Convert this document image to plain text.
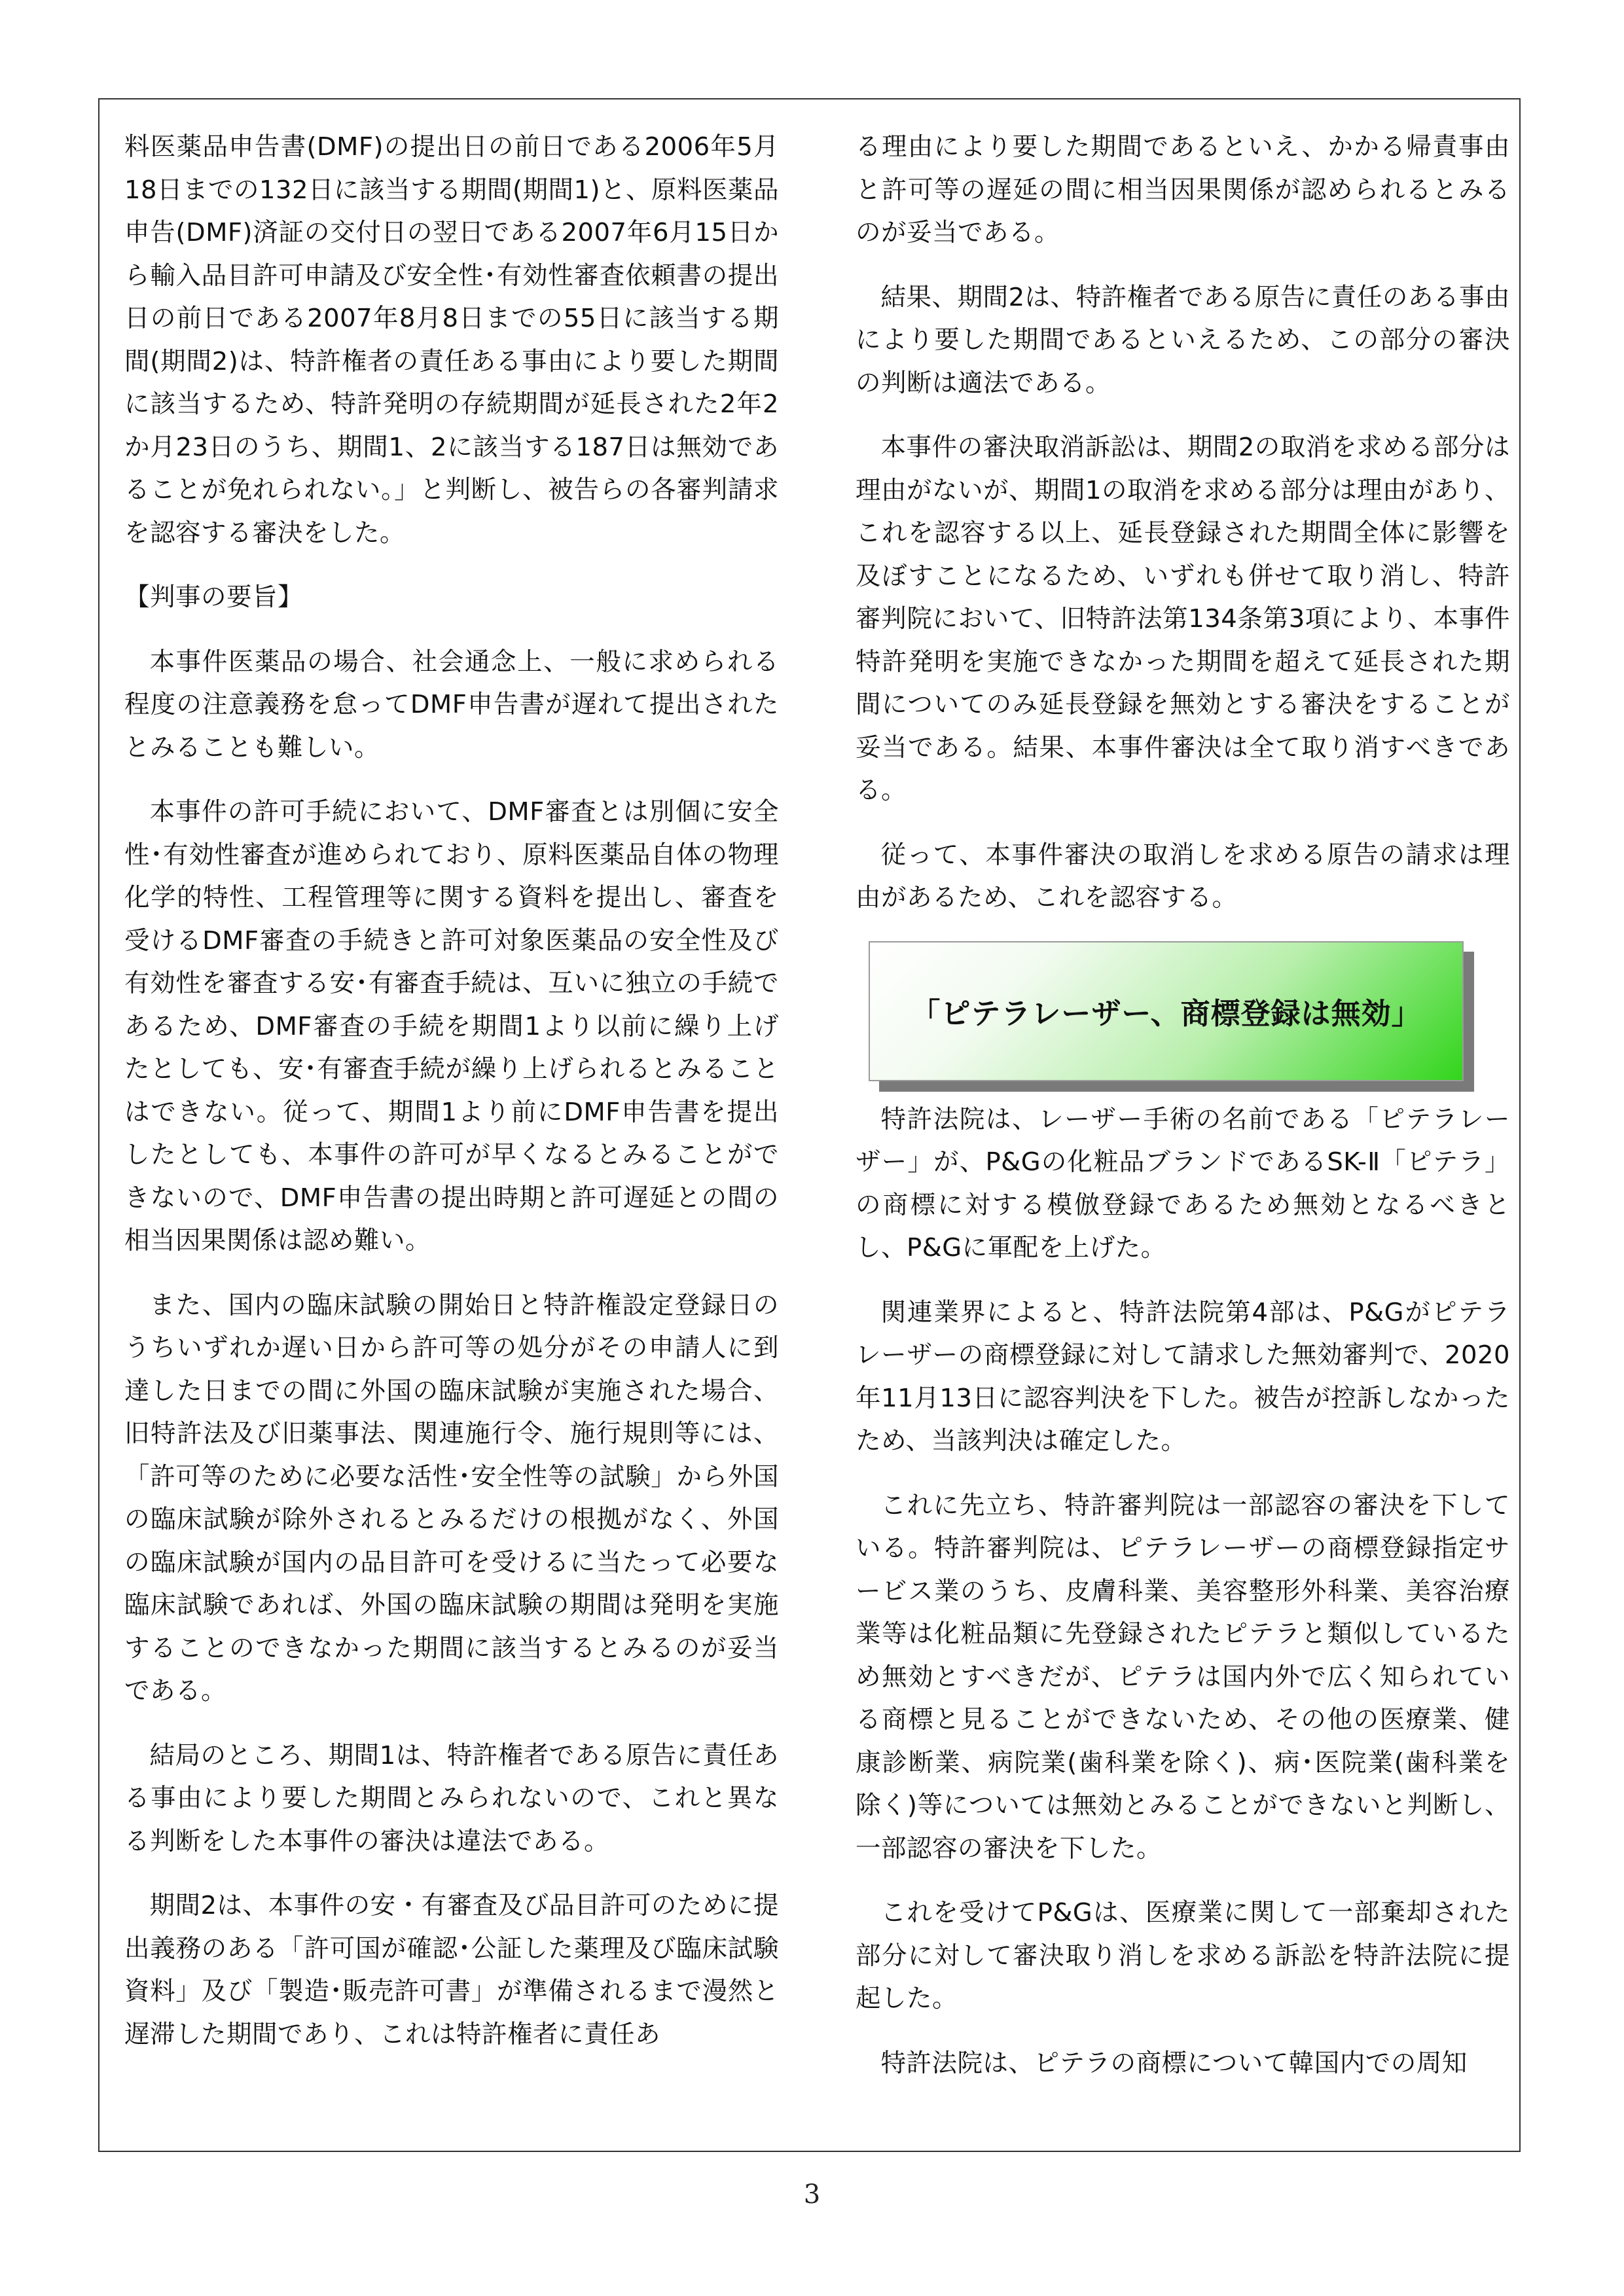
料医薬品申告書(DMF)の提出日の前日である2006年5月18日までの132日に該当する期間(期間1)と、原料医薬品申告(DMF)済証の交付日の翌日である2007年6月15日から輸入品目許可申請及び安全性･有効性審査依頼書の提出日の前日である2007年8月8日までの55日に該当する期間(期間2)は、特許権者の責任ある事由により要した期間に該当するため、特許発明の存続期間が延長された2年2か月23日のうち、期間1、2に該当する187日は無効であることが免れられない。」と判断し、被告らの各審判請求を認容する審決をした。

【判事の要旨】

本事件医薬品の場合、社会通念上、一般に求められる程度の注意義務を怠ってDMF申告書が遅れて提出されたとみることも難しい。

本事件の許可手続において、DMF審査とは別個に安全性･有効性審査が進められており、原料医薬品自体の物理化学的特性、工程管理等に関する資料を提出し、審査を受けるDMF審査の手続きと許可対象医薬品の安全性及び有効性を審査する安･有審査手続は、互いに独立の手続であるため、DMF審査の手続を期間1より以前に繰り上げたとしても、安･有審査手続が繰り上げられるとみることはできない。従って、期間1より前にDMF申告書を提出したとしても、本事件の許可が早くなるとみることができないので、DMF申告書の提出時期と許可遅延との間の相当因果関係は認め難い。

また、国内の臨床試験の開始日と特許権設定登録日のうちいずれか遅い日から許可等の処分がその申請人に到達した日までの間に外国の臨床試験が実施された場合、旧特許法及び旧薬事法、関連施行令、施行規則等には、「許可等のために必要な活性･安全性等の試験」から外国の臨床試験が除外されるとみるだけの根拠がなく、外国の臨床試験が国内の品目許可を受けるに当たって必要な臨床試験であれば、外国の臨床試験の期間は発明を実施することのできなかった期間に該当するとみるのが妥当である。

結局のところ、期間1は、特許権者である原告に責任ある事由により要した期間とみられないので、これと異なる判断をした本事件の審決は違法である。

期間2は、本事件の安・有審査及び品目許可のために提出義務のある「許可国が確認･公証した薬理及び臨床試験資料」及び「製造･販売許可書」が準備されるまで漫然と遅滞した期間であり、これは特許権者に責任あ

る理由により要した期間であるといえ、かかる帰責事由と許可等の遅延の間に相当因果関係が認められるとみるのが妥当である。

結果、期間2は、特許権者である原告に責任のある事由により要した期間であるといえるため、この部分の審決の判断は適法である。

本事件の審決取消訴訟は、期間2の取消を求める部分は理由がないが、期間1の取消を求める部分は理由があり、これを認容する以上、延長登録された期間全体に影響を及ぼすことになるため、いずれも併せて取り消し、特許審判院において、旧特許法第134条第3項により、本事件特許発明を実施できなかった期間を超えて延長された期間についてのみ延長登録を無効とする審決をすることが妥当である。結果、本事件審決は全て取り消すべきである。

従って、本事件審決の取消しを求める原告の請求は理由があるため、これを認容する。

「ピテラレーザー、商標登録は無効」

特許法院は、レーザー手術の名前である「ピテラレーザー」が、P&Gの化粧品ブランドであるSK-Ⅱ「ピテラ」の商標に対する模倣登録であるため無効となるべきとし、P&Gに軍配を上げた。

関連業界によると、特許法院第4部は、P&Gがピテラレーザーの商標登録に対して請求した無効審判で、2020年11月13日に認容判決を下した。被告が控訴しなかったため、当該判決は確定した。

これに先立ち、特許審判院は一部認容の審決を下している。特許審判院は、ピテラレーザーの商標登録指定サービス業のうち、皮膚科業、美容整形外科業、美容治療業等は化粧品類に先登録されたピテラと類似しているため無効とすべきだが、ピテラは国内外で広く知られている商標と見ることができないため、その他の医療業、健康診断業、病院業(歯科業を除く)、病･医院業(歯科業を除く)等については無効とみることができないと判断し、一部認容の審決を下した。

これを受けてP&Gは、医療業に関して一部棄却された部分に対して審決取り消しを求める訴訟を特許法院に提起した。

特許法院は、ピテラの商標について韓国内での周知

3
